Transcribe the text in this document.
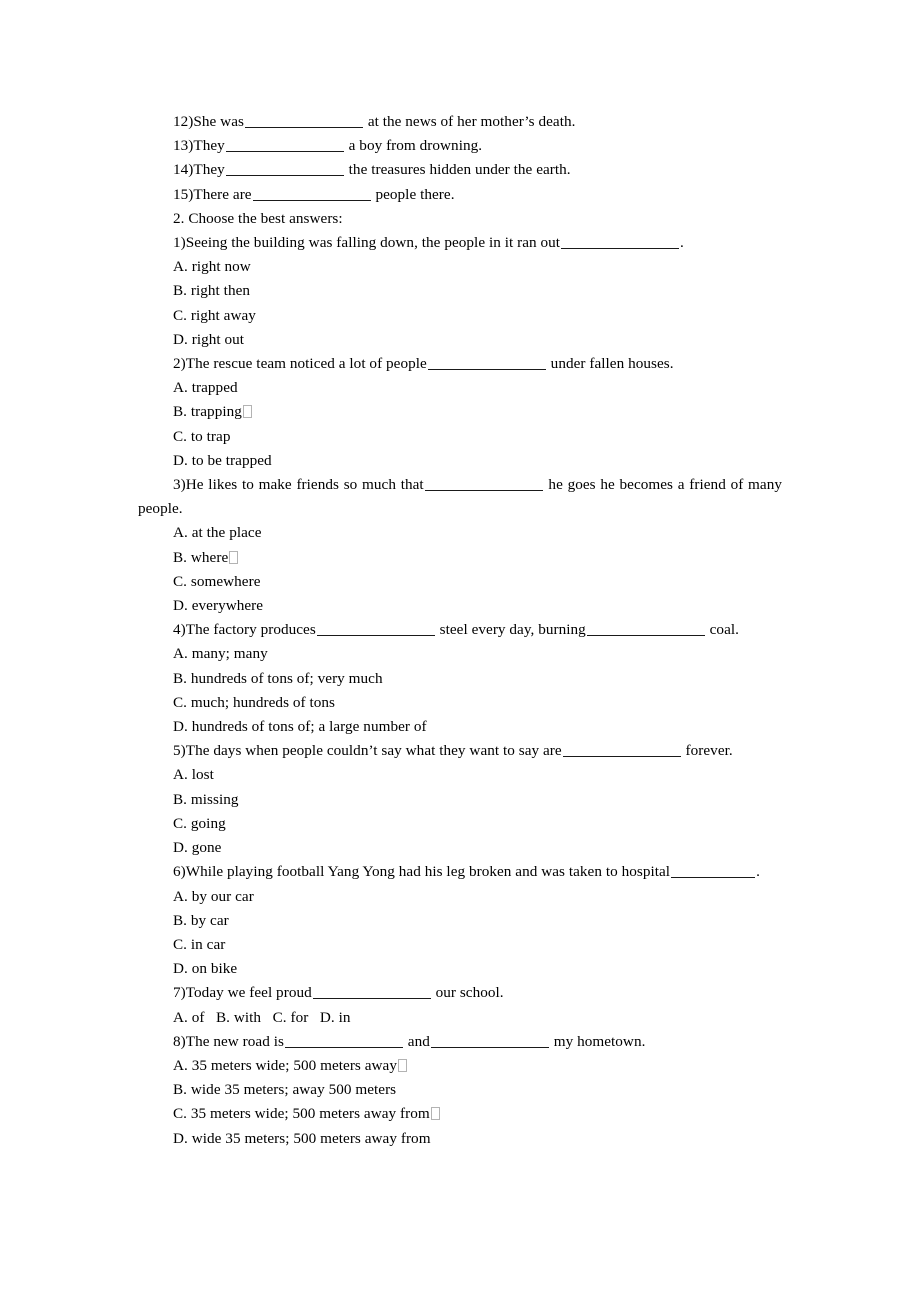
12)She was	at the news of her mother’s death.

13)They	a boy from drowning.

14)They	the treasures hidden under the earth.

15)There are	people there.

2. Choose the best answers:

1)Seeing the building was falling down, the people in it ran out	.

A. right now

B. right then

C. right away

D. right out

2)The rescue team noticed a lot of people	under fallen houses.

A. trapped

B. trapping

C. to trap

D. to be trapped

3)He likes to make friends so much that	he goes he becomes a friend of many people.

A. at the place

B. where

C. somewhere

D. everywhere

4)The factory produces	steel every day, burning	coal.

A. many; many

B. hundreds of tons of; very much

C. much; hundreds of tons

D. hundreds of tons of; a large number of

5)The days when people couldn’t say what they want to say are	forever.

A. lost

B. missing

C. going

D. gone

6)While playing football Yang Yong had his leg broken and was taken to hospital	.

A. by our car

B. by car

C. in car

D. on bike

7)Today we feel proud	our school.

A. of   B. with   C. for   D. in

8)The new road is	and	my hometown.

A. 35 meters wide; 500 meters away

B. wide 35 meters; away 500 meters

C. 35 meters wide; 500 meters away from

D. wide 35 meters; 500 meters away from
